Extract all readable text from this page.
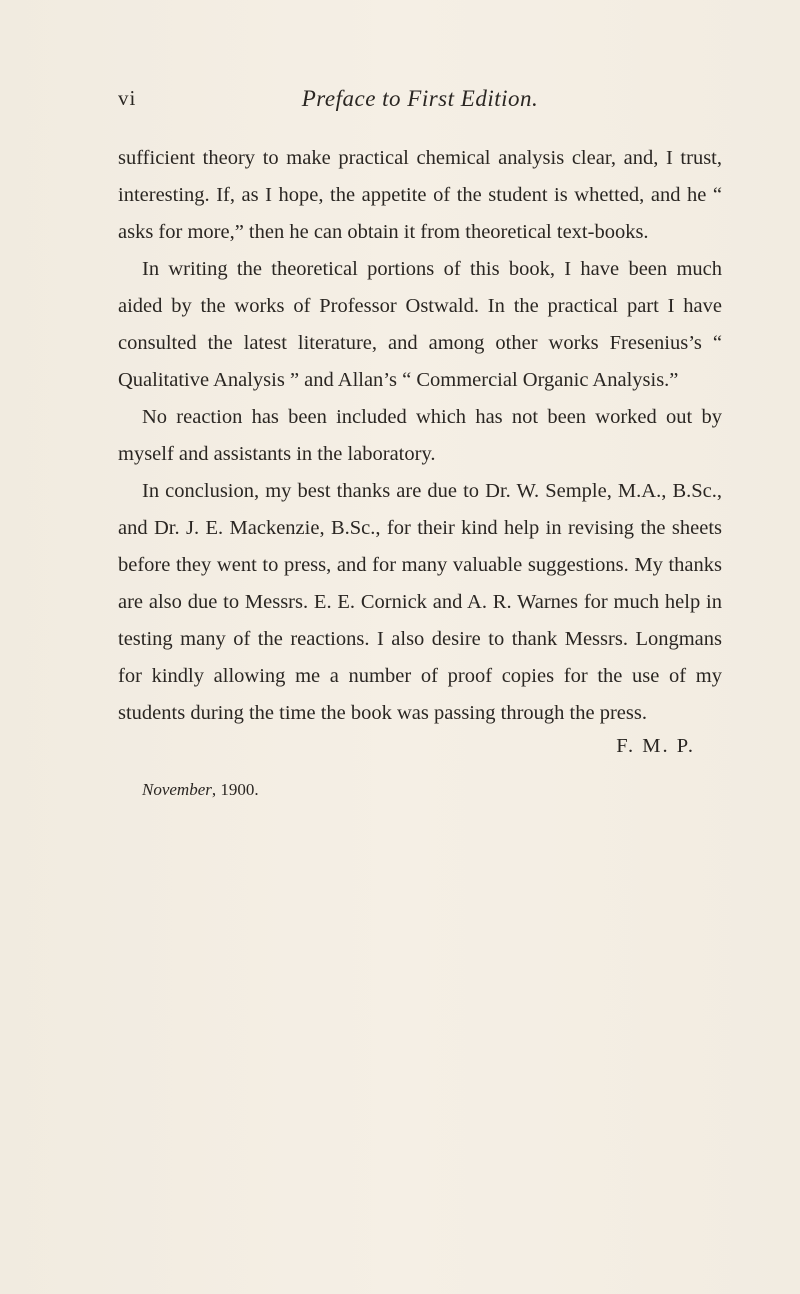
vi	Preface to First Edition.

sufficient theory to make practical chemical analysis clear, and, I trust, interesting. If, as I hope, the appetite of the student is whetted, and he “ asks for more,” then he can obtain it from theoretical text-books.

In writing the theoretical portions of this book, I have been much aided by the works of Professor Ostwald. In the practical part I have consulted the latest literature, and among other works Fresenius’s “ Qualitative Analysis ” and Allan’s “ Commercial Organic Analysis.”

No reaction has been included which has not been worked out by myself and assistants in the laboratory.

In conclusion, my best thanks are due to Dr. W. Semple, M.A., B.Sc., and Dr. J. E. Mackenzie, B.Sc., for their kind help in revising the sheets before they went to press, and for many valuable suggestions. My thanks are also due to Messrs. E. E. Cornick and A. R. Warnes for much help in testing many of the reactions. I also desire to thank Messrs. Longmans for kindly allowing me a number of proof copies for the use of my students during the time the book was passing through the press.

F. M. P.
November, 1900.
